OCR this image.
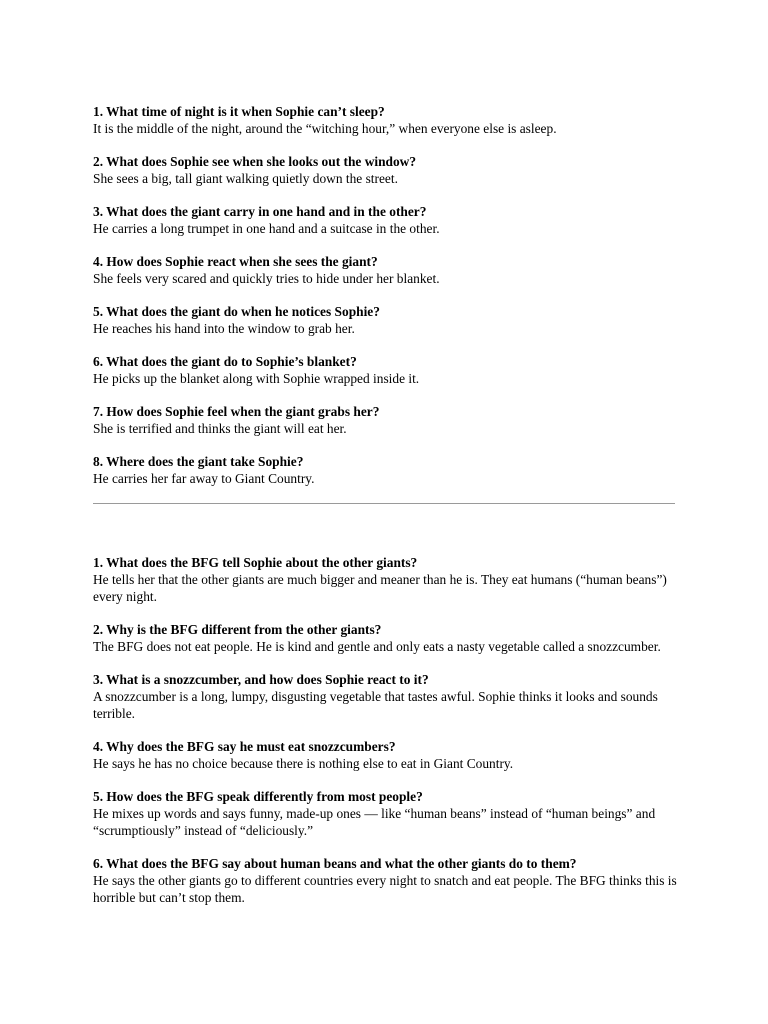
1. What time of night is it when Sophie can’t sleep?
It is the middle of the night, around the “witching hour,” when everyone else is asleep.
2. What does Sophie see when she looks out the window?
She sees a big, tall giant walking quietly down the street.
3. What does the giant carry in one hand and in the other?
He carries a long trumpet in one hand and a suitcase in the other.
4. How does Sophie react when she sees the giant?
She feels very scared and quickly tries to hide under her blanket.
5. What does the giant do when he notices Sophie?
He reaches his hand into the window to grab her.
6. What does the giant do to Sophie’s blanket?
He picks up the blanket along with Sophie wrapped inside it.
7. How does Sophie feel when the giant grabs her?
She is terrified and thinks the giant will eat her.
8. Where does the giant take Sophie?
He carries her far away to Giant Country.
1. What does the BFG tell Sophie about the other giants?
He tells her that the other giants are much bigger and meaner than he is. They eat humans (“human beans”) every night.
2. Why is the BFG different from the other giants?
The BFG does not eat people. He is kind and gentle and only eats a nasty vegetable called a snozzcumber.
3. What is a snozzcumber, and how does Sophie react to it?
A snozzcumber is a long, lumpy, disgusting vegetable that tastes awful. Sophie thinks it looks and sounds terrible.
4. Why does the BFG say he must eat snozzcumbers?
He says he has no choice because there is nothing else to eat in Giant Country.
5. How does the BFG speak differently from most people?
He mixes up words and says funny, made-up ones — like “human beans” instead of “human beings” and “scrumptiously” instead of “deliciously.”
6. What does the BFG say about human beans and what the other giants do to them?
He says the other giants go to different countries every night to snatch and eat people. The BFG thinks this is horrible but can’t stop them.
